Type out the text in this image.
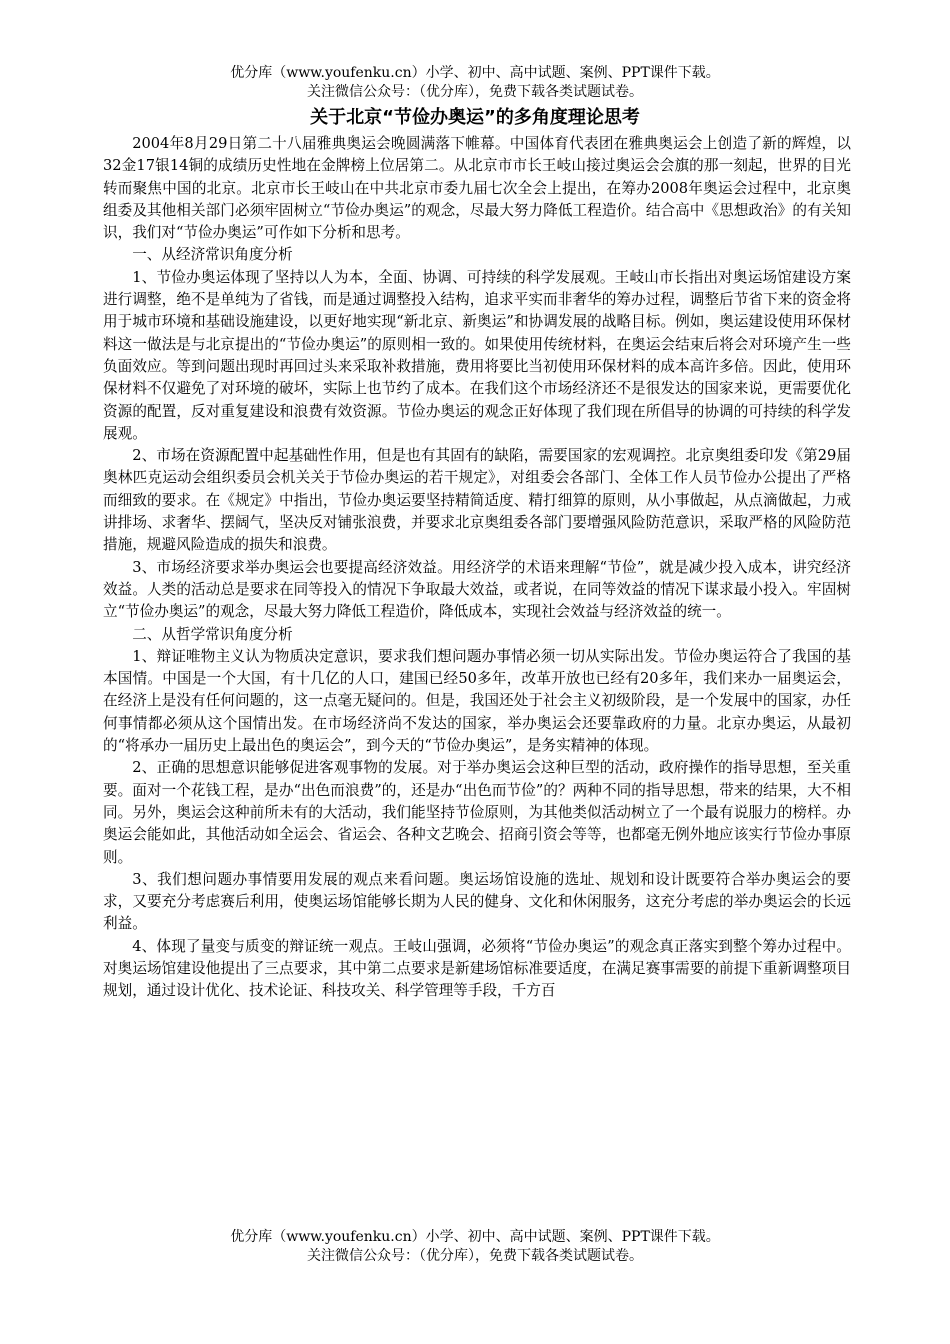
优分库（www.youfenku.cn）小学、初中、高中试题、案例、PPT课件下载。
关注微信公众号：（优分库），免费下载各类试题试卷。
关于北京“节俭办奥运”的多角度理论思考

2004年8月29日第二十八届雅典奥运会晚圆满落下帷幕。中国体育代表团在雅典奥运会上创造了新的辉煌，以32金17银14铜的成绩历史性地在金牌榜上位居第二。从北京市市长王岐山接过奥运会会旗的那一刻起，世界的目光转而聚焦中国的北京。北京市长王岐山在中共北京市委九届七次全会上提出，在筹办2008年奥运会过程中，北京奥组委及其他相关部门必须牢固树立“节俭办奥运”的观念，尽最大努力降低工程造价。结合高中《思想政治》的有关知识，我们对“节俭办奥运”可作如下分析和思考。

一、从经济常识角度分析

1、节俭办奥运体现了坚持以人为本，全面、协调、可持续的科学发展观。王岐山市长指出对奥运场馆建设方案进行调整，绝不是单纯为了省钱，而是通过调整投入结构，追求平实而非奢华的筹办过程，调整后节省下来的资金将用于城市环境和基础设施建设，以更好地实现“新北京、新奥运”和协调发展的战略目标。例如，奥运建设使用环保材料这一做法是与北京提出的“节俭办奥运”的原则相一致的。如果使用传统材料，在奥运会结束后将会对环境产生一些负面效应。等到问题出现时再回过头来采取补救措施，费用将要比当初使用环保材料的成本高许多倍。因此，使用环保材料不仅避免了对环境的破坏，实际上也节约了成本。在我们这个市场经济还不是很发达的国家来说，更需要优化资源的配置，反对重复建设和浪费有效资源。节俭办奥运的观念正好体现了我们现在所倡导的协调的可持续的科学发展观。

2、市场在资源配置中起基础性作用，但是也有其固有的缺陷，需要国家的宏观调控。北京奥组委印发《第29届奥林匹克运动会组织委员会机关关于节俭办奥运的若干规定》，对组委会各部门、全体工作人员节俭办公提出了严格而细致的要求。在《规定》中指出，节俭办奥运要坚持精简适度、精打细算的原则，从小事做起，从点滴做起，力戒讲排场、求奢华、摆阔气，坚决反对铺张浪费，并要求北京奥组委各部门要增强风险防范意识，采取严格的风险防范措施，规避风险造成的损失和浪费。

3、市场经济要求举办奥运会也要提高经济效益。用经济学的术语来理解“节俭”，就是减少投入成本，讲究经济效益。人类的活动总是要求在同等投入的情况下争取最大效益，或者说，在同等效益的情况下谋求最小投入。牢固树立“节俭办奥运”的观念，尽最大努力降低工程造价，降低成本，实现社会效益与经济效益的统一。

二、从哲学常识角度分析

1、辩证唯物主义认为物质决定意识，要求我们想问题办事情必须一切从实际出发。节俭办奥运符合了我国的基本国情。中国是一个大国，有十几亿的人口，建国已经50多年，改革开放也已经有20多年，我们来办一届奥运会，在经济上是没有任何问题的，这一点毫无疑问的。但是，我国还处于社会主义初级阶段，是一个发展中的国家，办任何事情都必须从这个国情出发。在市场经济尚不发达的国家，举办奥运会还要靠政府的力量。北京办奥运，从最初的“将承办一届历史上最出色的奥运会”，到今天的“节俭办奥运”，是务实精神的体现。

2、正确的思想意识能够促进客观事物的发展。对于举办奥运会这种巨型的活动，政府操作的指导思想，至关重要。面对一个花钱工程，是办“出色而浪费”的，还是办“出色而节俭”的？两种不同的指导思想，带来的结果，大不相同。另外，奥运会这种前所未有的大活动，我们能坚持节俭原则，为其他类似活动树立了一个最有说服力的榜样。办奥运会能如此，其他活动如全运会、省运会、各种文艺晚会、招商引资会等等，也都毫无例外地应该实行节俭办事原则。

3、我们想问题办事情要用发展的观点来看问题。奥运场馆设施的选址、规划和设计既要符合举办奥运会的要求，又要充分考虑赛后利用，使奥运场馆能够长期为人民的健身、文化和休闲服务，这充分考虑的举办奥运会的长远利益。

4、体现了量变与质变的辩证统一观点。王岐山强调，必须将“节俭办奥运”的观念真正落实到整个筹办过程中。对奥运场馆建设他提出了三点要求，其中第二点要求是新建场馆标准要适度，在满足赛事需要的前提下重新调整项目规划，通过设计优化、技术论证、科技攻关、科学管理等手段，千方百

优分库（www.youfenku.cn）小学、初中、高中试题、案例、PPT课件下载。
关注微信公众号：（优分库），免费下载各类试题试卷。
